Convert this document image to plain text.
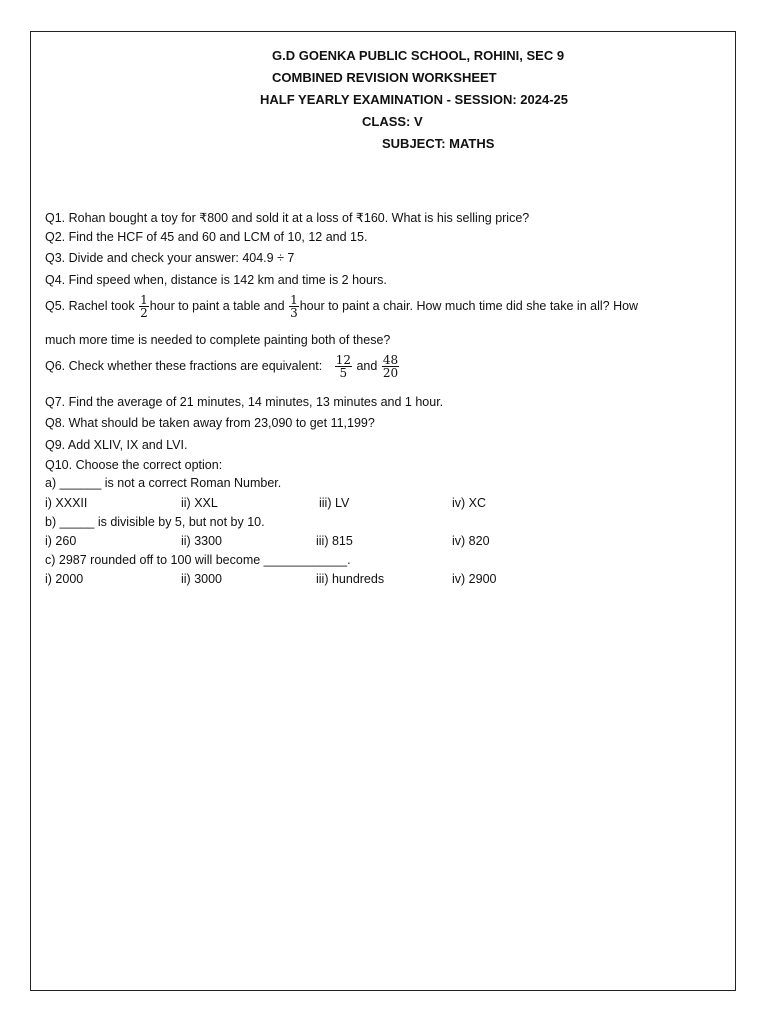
G.D GOENKA PUBLIC SCHOOL, ROHINI, SEC 9
COMBINED REVISION WORKSHEET
HALF YEARLY EXAMINATION - SESSION: 2024-25
CLASS: V
SUBJECT: MATHS
Q1. Rohan bought a toy for ₹800 and sold it at a loss of ₹160. What is his selling price?
Q2. Find the HCF of 45 and 60 and LCM of 10, 12 and 15.
Q3. Divide and check your answer: 404.9 ÷ 7
Q4. Find speed when, distance is 142 km and time is 2 hours.
Q5. Rachel took $\frac{1}{2}$ hour to paint a table and $\frac{1}{3}$ hour to paint a chair. How much time did she take in all? How
much more time is needed to complete painting both of these?
Q6. Check whether these fractions are equivalent: $\frac{12}{5}$ and $\frac{48}{20}$
Q7. Find the average of 21 minutes, 14 minutes, 13 minutes and 1 hour.
Q8. What should be taken away from 23,090 to get 11,199?
Q9. Add XLIV, IX and LVI.
Q10. Choose the correct option:
a) ______ is not a correct Roman Number.
i) XXXII	ii) XXL	iii) LV	iv) XC
b) _____ is divisible by 5, but not by 10.
i) 260	ii) 3300	iii) 815	iv) 820
c) 2987 rounded off to 100 will become ____________.
i) 2000	ii) 3000	iii) hundreds	iv) 2900
